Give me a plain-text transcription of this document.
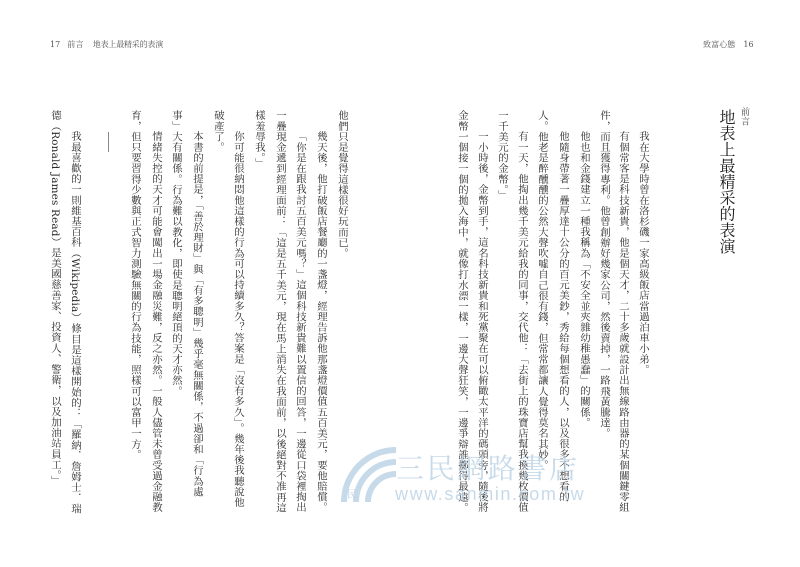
17 前言 地表上最精采的表演	致富心態 16
前言
地表上最精采的表演
我在大學時曾在洛杉磯一家高級飯店當過泊車小弟。
有個常客是科技新貴，他是個天才，二十多歲就設計出無線路由器的某個關鍵零組
件，而且獲得專利。他曾創辦好幾家公司，然後賣掉，一路飛黃騰達。
他也和金錢建立一種我稱為「不安全並夾雜幼稚愚蠢」的關係。
他隨身帶著一疊厚達十公分的百元美鈔，秀給每個想看的人，以及很多不想看的
人。他老是醉醺醺的公然大聲吹噓自己很有錢，但常常都讓人覺得莫名其妙。
有一天，他掏出幾千美元給我的同事，交代他：「去街上的珠寶店幫我換幾枚價值
一千美元的金幣。」
一小時後，金幣到手，這名科技新貴和死黨聚在可以俯瞰太平洋的碼頭旁，隨後將
金幣一個接一個的拋入海中，就像打水漂一樣，一邊大聲狂笑，一邊爭辯誰擲得最遠。
他們只是覺得這樣很好玩而已。
幾天後，他打破飯店餐廳的一盞燈，經理告訴他那盞燈價值五百美元，要他賠償。
「你是在跟我討五百美元嗎？」這個科技新貴難以置信的回答，一邊從口袋裡掏出
一疊現金遞到經理面前：「這是五千美元，現在馬上消失在我面前，以後絕對不准再這
樣羞辱我。」
你可能很納悶他這樣的行為可以持續多久？答案是「沒有多久」。幾年後我聽說他
破產了。
本書的前提是，「善於理財」與「有多聰明」幾乎毫無關係，不過卻和「行為處
事」大有關係。行為難以教化，即使是聰明絕頂的天才亦然。
情緒失控的天才可能會闖出一場金融災難，反之亦然。一般人儘管未曾受過金融教
育，但只要習得少數與正式智力測驗無關的行為技能，照樣可以富甲一方。
我最喜歡的一則維基百科（Wikipedia）條目是這樣開始的：「羅納．詹姆士．瑞
德（Ronald James Read）是美國慈善家、投資人、警衛，以及加油站員工。」
民
三民網路書店
www.sanmin.com.tw
